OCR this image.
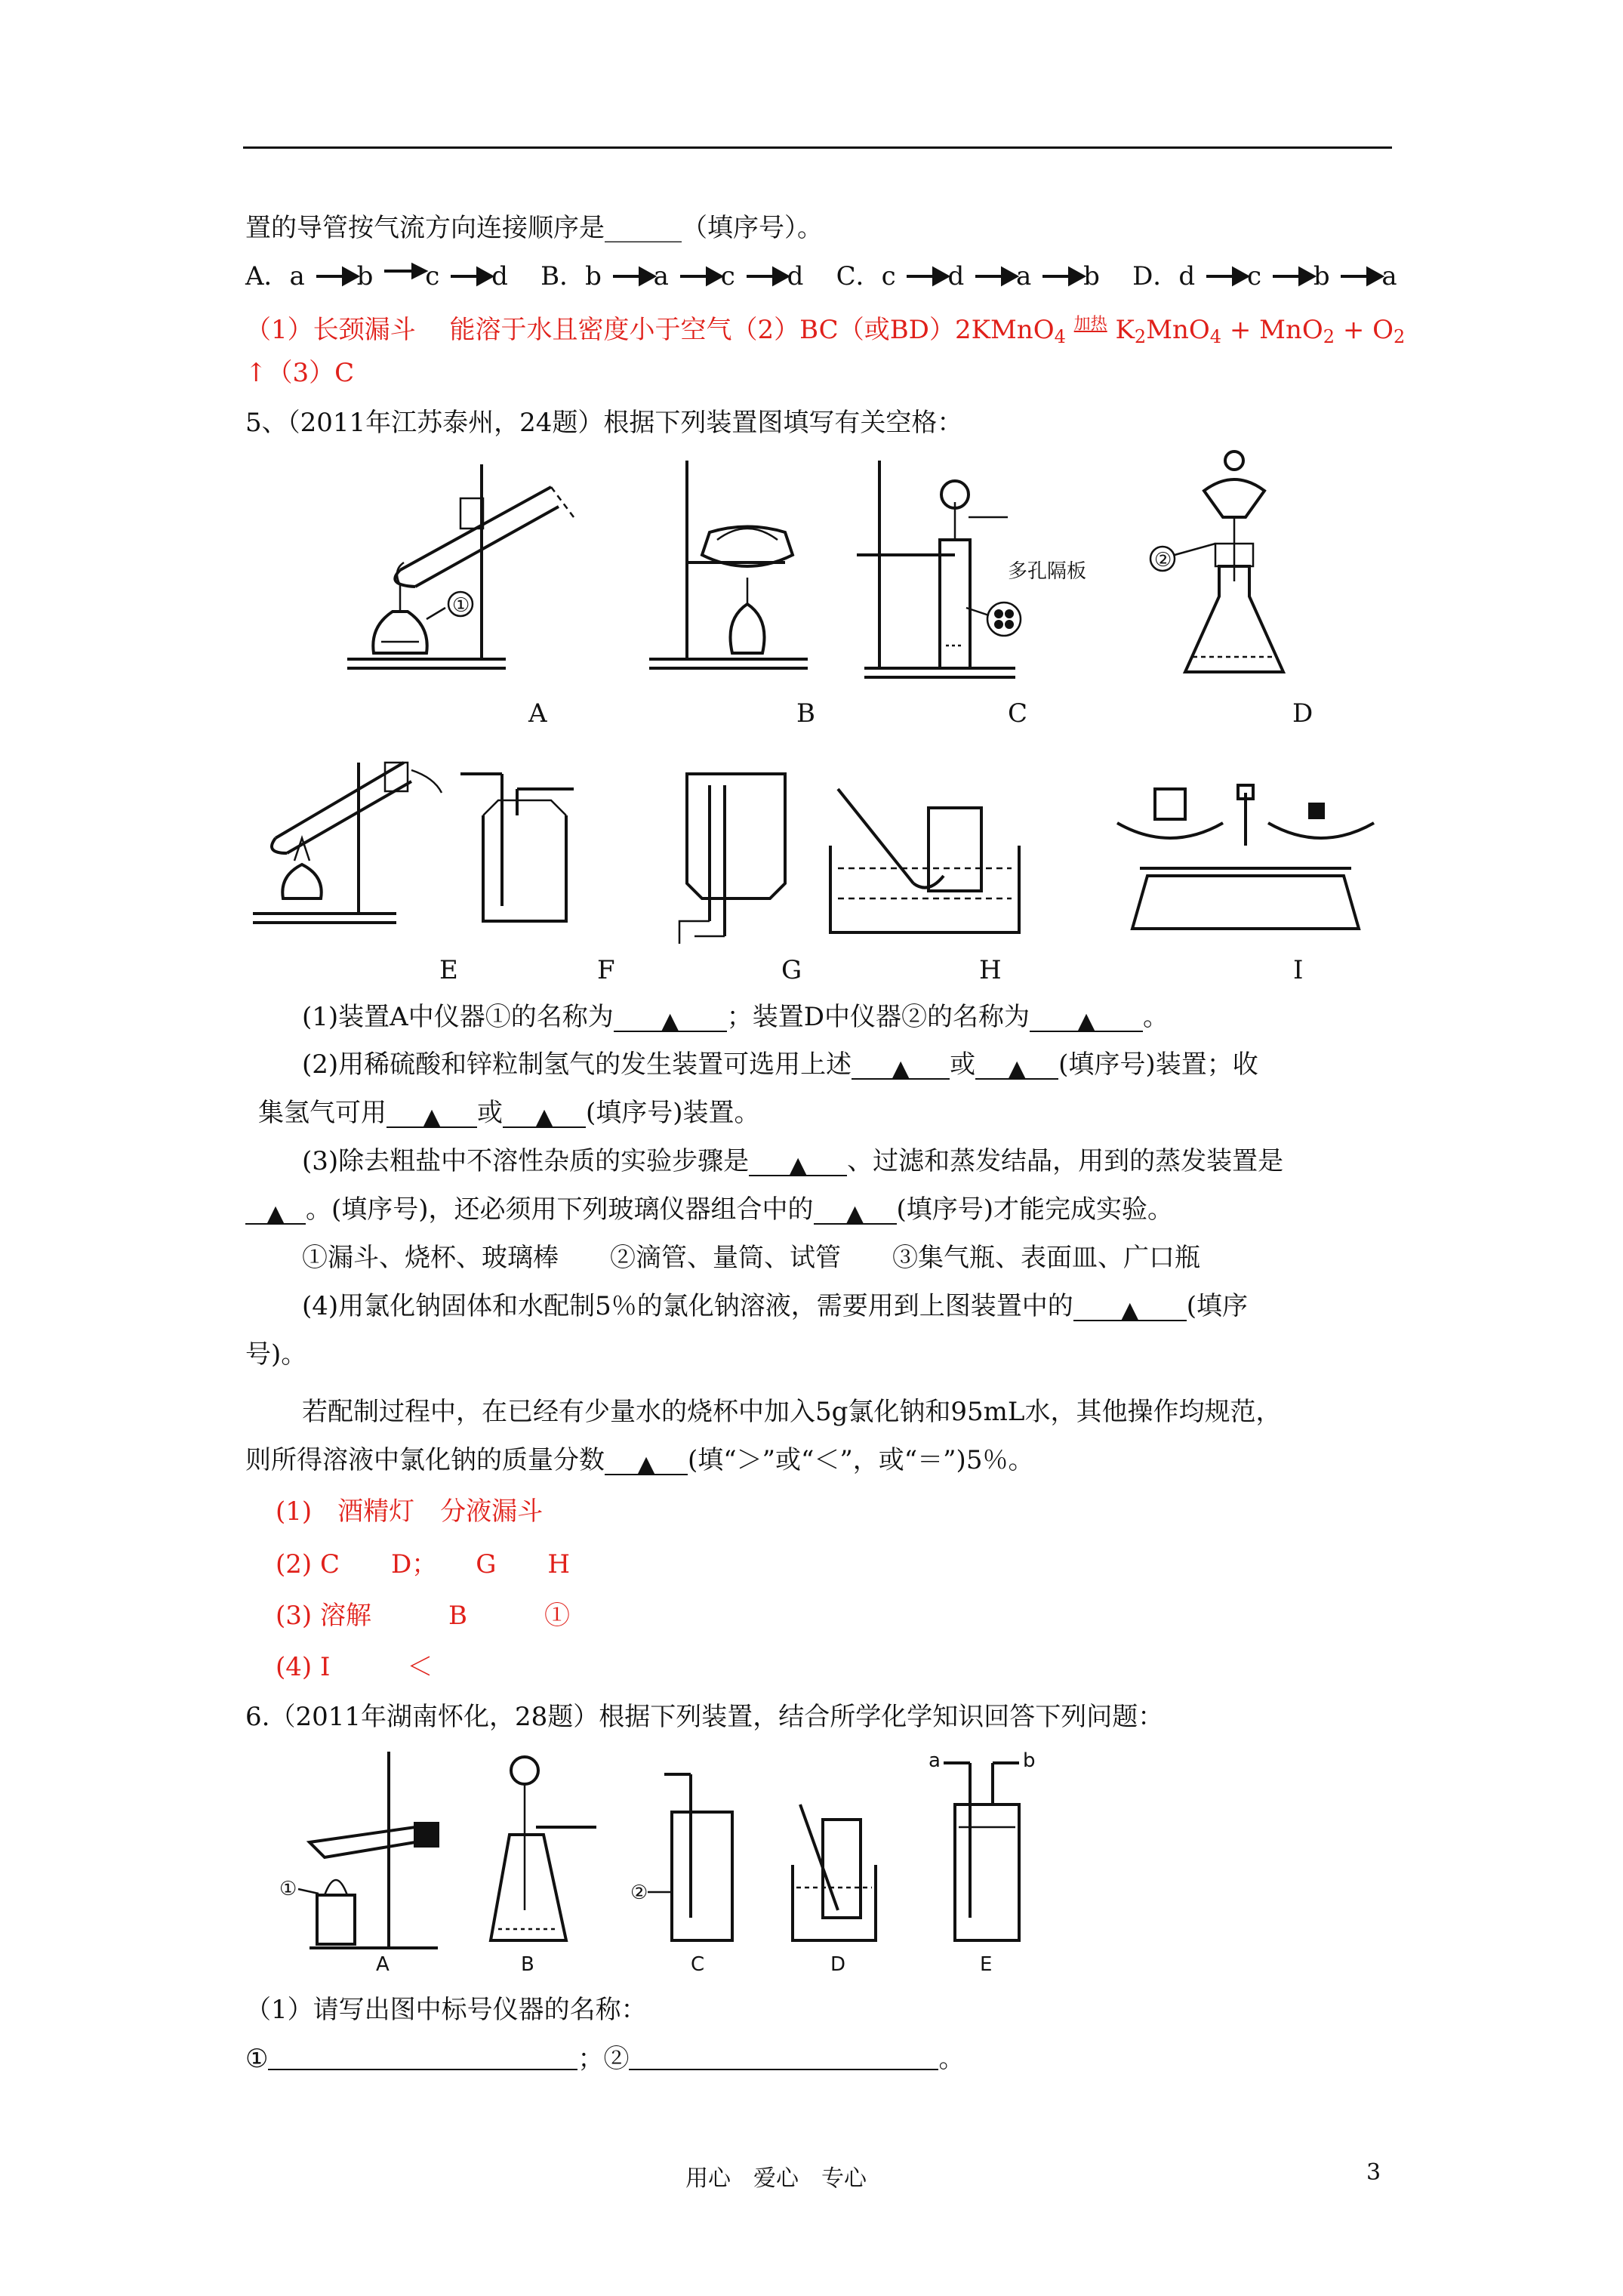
置的导管按气流方向连接顺序是______（填序号）。
A．a b c d B．b a c d C．c d a b D．d c b a
（1）长颈漏斗　 能溶于水且密度小于空气（2）BC（或BD）2KMnO$_4$ $^{加热}$ $K_2MnO_4 + MnO_2 + O_2$
↑（3）C
5、（2011年江苏泰州，24题）根据下列装置图填写有关空格：
①
多孔隔板	②
A	B	C	D
E	F	G	H	I
(1)装置A中仪器①的名称为 ▲ ；装置D中仪器②的名称为 ▲ 。
(2)用稀硫酸和锌粒制氢气的发生装置可选用上述 ▲ 或 ▲ (填序号)装置；收
集氢气可用 ▲ 或 ▲ (填序号)装置。
(3)除去粗盐中不溶性杂质的实验步骤是 ▲ 、过滤和蒸发结晶，用到的蒸发装置是
▲ 。(填序号)，还必须用下列玻璃仪器组合中的 ▲ (填序号)才能完成实验。
①漏斗、烧杯、玻璃棒　　②滴管、量筒、试管　　③集气瓶、表面皿、广口瓶
(4)用氯化钠固体和水配制5％的氯化钠溶液，需要用到上图装置中的 ▲ (填序
号)。
若配制过程中，在已经有少量水的烧杯中加入5g氯化钠和95mL水，其他操作均规范，
则所得溶液中氯化钠的质量分数 ▲ (填“＞”或“＜”，或“＝”)5％。
(1)　酒精灯　分液漏斗
(2) C　　D；　　G　　H
(3) 溶解　　　B　　　①
(4) I　　　＜
6.（2011年湖南怀化，28题）根据下列装置，结合所学化学知识回答下列问题：
①
A	B
②
C	D
a	b
E
（1）请写出图中标号仪器的名称：
①	；②	。
用心　爱心　专心	3
